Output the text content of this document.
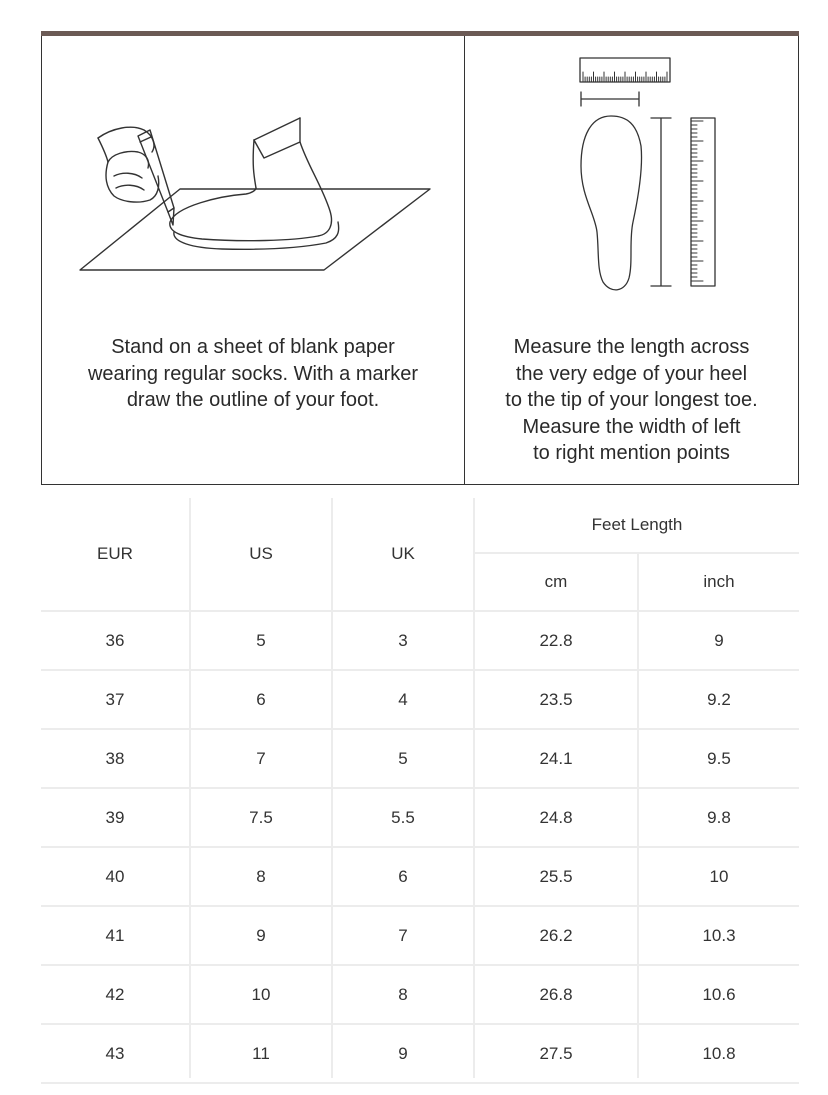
Stand on a sheet of blank paper
wearing regular socks. With a marker
draw the outline of your foot.
Measure the length across
the very edge of your heel
to the tip of your longest toe.
Measure the width of left
to right mention points
EUR	US	UK
Feet Length
cm	inch
36	5	3	22.8	9
37	6	4	23.5	9.2
38	7	5	24.1	9.5
39	7.5	5.5	24.8	9.8
40	8	6	25.5	10
41	9	7	26.2	10.3
42	10	8	26.8	10.6
43	11	9	27.5	10.8
